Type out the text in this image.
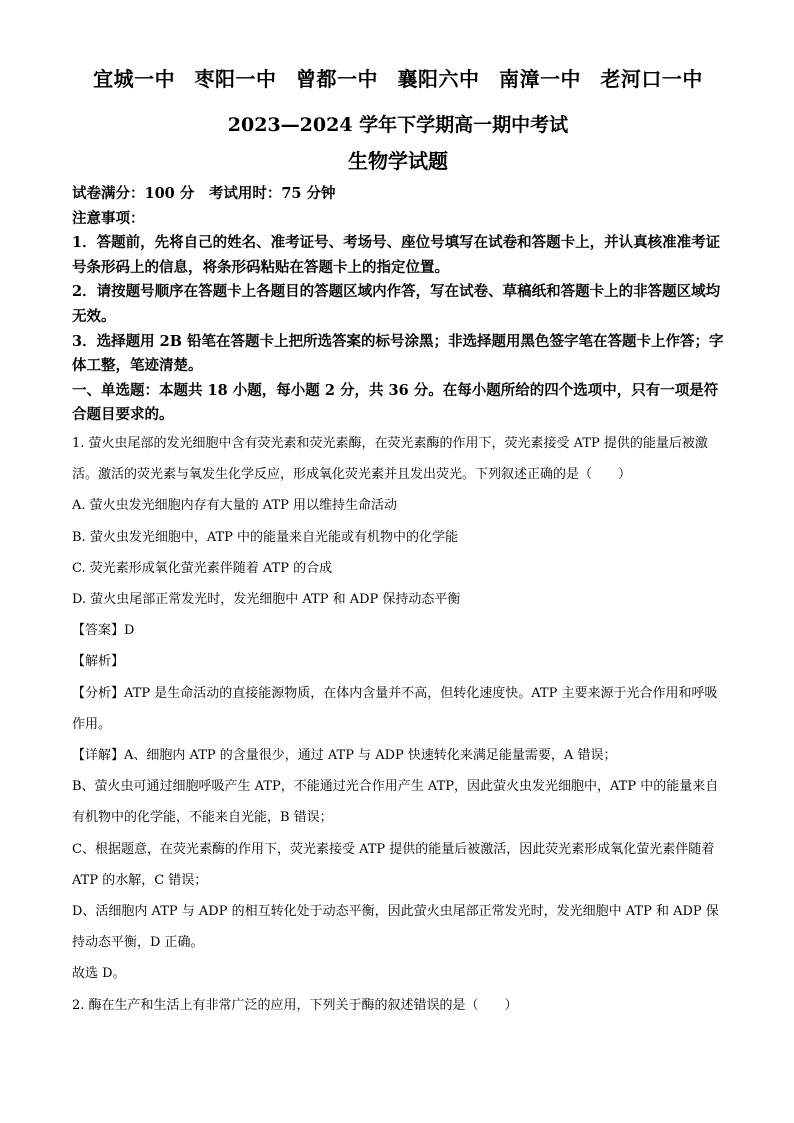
宜城一中 枣阳一中 曾都一中 襄阳六中 南漳一中 老河口一中
2023—2024 学年下学期高一期中考试
生物学试题

试卷满分：100 分　考试用时：75 分钟

注意事项：

1．答题前，先将自己的姓名、准考证号、考场号、座位号填写在试卷和答题卡上，并认真核准准考证号条形码上的信息，将条形码粘贴在答题卡上的指定位置。

2．请按题号顺序在答题卡上各题目的答题区域内作答，写在试卷、草稿纸和答题卡上的非答题区域均无效。

3．选择题用 2B 铅笔在答题卡上把所选答案的标号涂黑；非选择题用黑色签字笔在答题卡上作答；字体工整，笔迹清楚。

一、单选题：本题共 18 小题，每小题 2 分，共 36 分。在每小题所给的四个选项中，只有一项是符合题目要求的。

1. 萤火虫尾部的发光细胞中含有荧光素和荧光素酶，在荧光素酶的作用下，荧光素接受 ATP 提供的能量后被激活。激活的荧光素与氧发生化学反应，形成氧化荧光素并且发出荧光。下列叙述正确的是（　　）

A. 萤火虫发光细胞内存有大量的 ATP 用以维持生命活动

B. 萤火虫发光细胞中，ATP 中的能量来自光能或有机物中的化学能

C. 荧光素形成氧化萤光素伴随着 ATP 的合成

D. 萤火虫尾部正常发光时，发光细胞中 ATP 和 ADP 保持动态平衡

【答案】D

【解析】

【分析】ATP 是生命活动的直接能源物质，在体内含量并不高，但转化速度快。ATP 主要来源于光合作用和呼吸作用。

【详解】A、细胞内 ATP 的含量很少，通过 ATP 与 ADP 快速转化来满足能量需要，A 错误；

B、萤火虫可通过细胞呼吸产生 ATP，不能通过光合作用产生 ATP，因此萤火虫发光细胞中，ATP 中的能量来自有机物中的化学能，不能来自光能，B 错误；

C、根据题意，在荧光素酶的作用下，荧光素接受 ATP 提供的能量后被激活，因此荧光素形成氧化萤光素伴随着 ATP 的水解，C 错误；

D、活细胞内 ATP 与 ADP 的相互转化处于动态平衡，因此萤火虫尾部正常发光时，发光细胞中 ATP 和 ADP 保持动态平衡，D 正确。

故选 D。

2. 酶在生产和生活上有非常广泛的应用，下列关于酶的叙述错误的是（　　）
